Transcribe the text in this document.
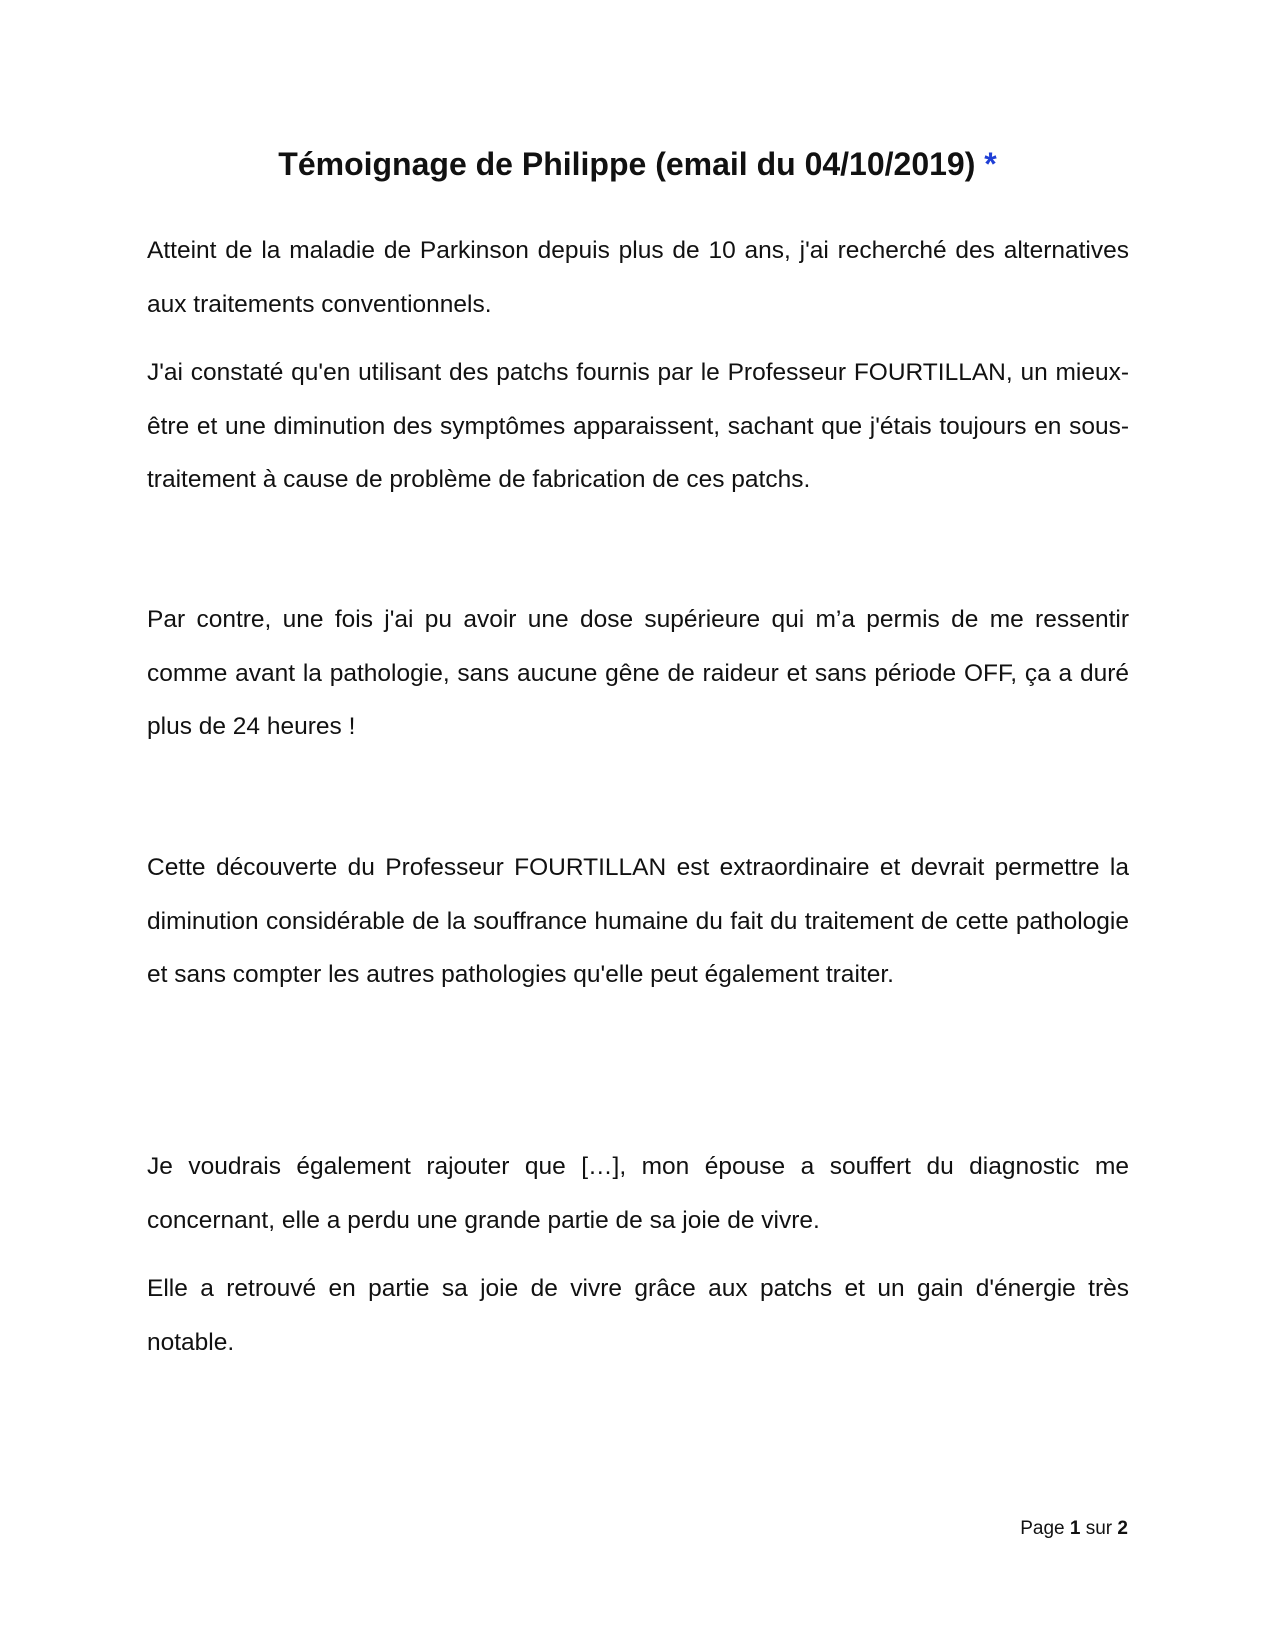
Témoignage de Philippe (email du 04/10/2019) *

Atteint de la maladie de Parkinson depuis plus de 10 ans, j'ai recherché des alternatives aux traitements conventionnels.

J'ai constaté qu'en utilisant des patchs fournis par le Professeur FOURTILLAN, un mieux-être et une diminution des symptômes apparaissent, sachant que j'étais toujours en sous-traitement à cause de problème de fabrication de ces patchs.

Par contre, une fois j'ai pu avoir une dose supérieure qui m’a permis de me ressentir comme avant la pathologie, sans aucune gêne de raideur et sans période OFF, ça a duré plus de 24 heures !

Cette découverte du Professeur FOURTILLAN est extraordinaire et devrait permettre la diminution considérable de la souffrance humaine du fait du traitement de cette pathologie et sans compter les autres pathologies qu'elle peut également traiter.

Je voudrais également rajouter que […], mon épouse a souffert du diagnostic me concernant, elle a perdu une grande partie de sa joie de vivre.

Elle a retrouvé en partie sa joie de vivre grâce aux patchs et un gain d'énergie très notable.

Page 1 sur 2
